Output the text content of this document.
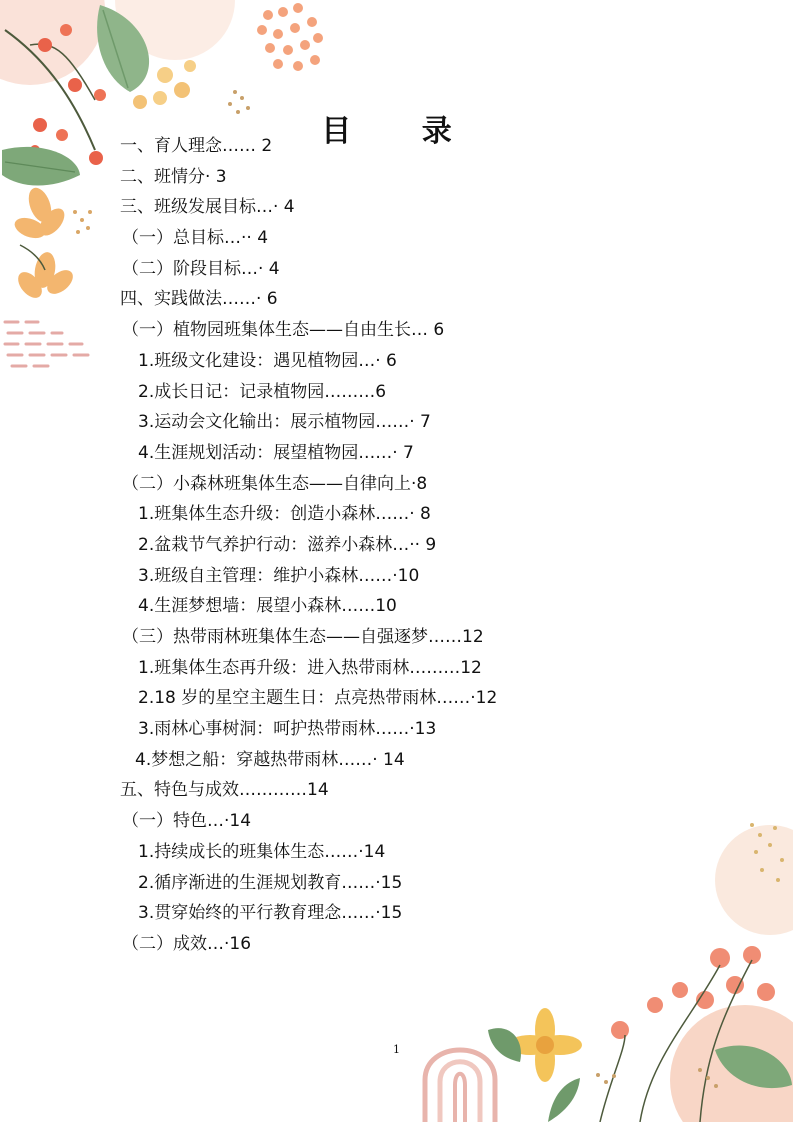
目 录
一、育人理念…… 2
二、班情分· 3
三、班级发展目标…· 4
（一）总目标…·· 4
（二）阶段目标…· 4
四、实践做法……· 6
（一）植物园班集体生态——自由生长… 6
1.班级文化建设：遇见植物园…· 6
2.成长日记：记录植物园………6
3.运动会文化输出：展示植物园……· 7
4.生涯规划活动：展望植物园……· 7
（二）小森林班集体生态——自律向上·8
1.班集体生态升级：创造小森林……· 8
2.盆栽节气养护行动：滋养小森林…·· 9
3.班级自主管理：维护小森林……·10
4.生涯梦想墙：展望小森林……10
（三）热带雨林班集体生态——自强逐梦……12
1.班集体生态再升级：进入热带雨林………12
2.18 岁的星空主题生日：点亮热带雨林……·12
3.雨林心事树洞：呵护热带雨林……·13
4.梦想之船：穿越热带雨林……· 14
五、特色与成效…………14
（一）特色…·14
1.持续成长的班集体生态……·14
2.循序渐进的生涯规划教育……·15
3.贯穿始终的平行教育理念……·15
（二）成效…·16
1
